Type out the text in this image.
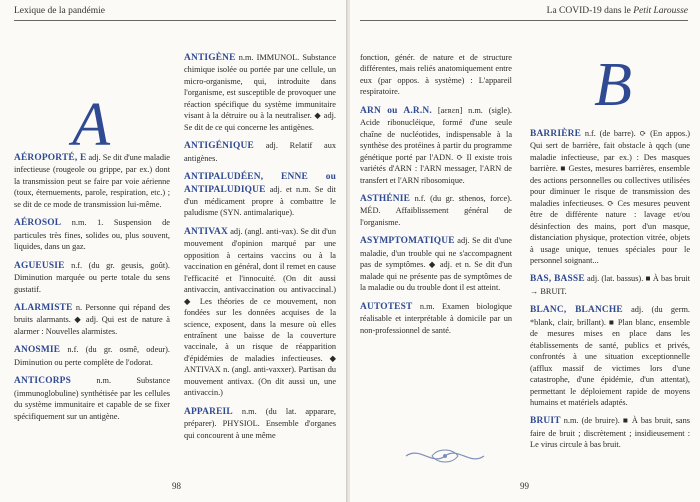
Lexique de la pandémie
A

AÉROPORTÉ, E adj. Se dit d'une maladie infectieuse (rougeole ou grippe, par ex.) dont la transmission peut se faire par voie aérienne (toux, éternuements, parole, respiration, etc.) ; se dit de ce mode de transmission lui-même.

AÉROSOL n.m. 1. Suspension de particules très fines, solides ou, plus souvent, liquides, dans un gaz.

AGUEUSIE n.f. (du gr. geusis, goût). Diminution marquée ou perte totale du sens gustatif.

ALARMISTE n. Personne qui répand des bruits alarmants. ◆ adj. Qui est de nature à alarmer : Nouvelles alarmistes.

ANOSMIE n.f. (du gr. osmê, odeur). Diminution ou perte complète de l'odorat.

ANTICORPS	n.m. Substance (immunoglobuline) synthétisée par les cellules du système immunitaire et capable de se fixer spécifiquement sur un antigène.

ANTIGÈNE n.m. IMMUNOL. Substance chimique isolée ou portée par une cellule, un micro-organisme, qui, introduite dans l'organisme, est susceptible de provoquer une réaction spécifique du système immunitaire visant à la détruire ou à la neutraliser. ◆ adj. Se dit de ce qui concerne les antigènes.

ANTIGÉNIQUE adj. Relatif aux antigènes.

ANTIPALUDÉEN, ENNE ou ANTIPALUDIQUE adj. et n.m. Se dit d'un médicament propre à combattre le paludisme (SYN. antimalarique).

ANTIVAX adj. (angl. anti-vax). Se dit d'un mouvement d'opinion marqué par une opposition à certains vaccins ou à la vaccination en général, dont il remet en cause l'efficacité et l'innocuité. (On dit aussi antivaccin, antivaccination ou antivaccinal.) ◆ Les théories de ce mouvement, non fondées sur les données acquises de la science, exposent, dans la mesure où elles entraînent une baisse de la couverture vaccinale, à un risque de réapparition d'épidémies de maladies infectieuses. ◆ ANTIVAX n. (angl. anti-vaxxer). Partisan du mouvement antivax. (On dit aussi un, une antivaccin.)

APPAREIL n.m. (du lat. apparare, préparer). PHYSIOL. Ensemble d'organes qui concourent à une même

98
La COVID-19 dans le Petit Larousse

fonction, génér. de nature et de structure différentes, mais reliés anatomiquement entre eux (par oppos. à système) : L'appareil respiratoire.

ARN ou A.R.N. [aɛʀɛn] n.m. (sigle). Acide ribonucléique, formé d'une seule chaîne de nucléotides, indispensable à la synthèse des protéines à partir du programme génétique porté par l'ADN. ⟳ Il existe trois variétés d'ARN : l'ARN messager, l'ARN de transfert et l'ARN ribosomique.

ASTHÉNIE n.f. (du gr. sthenos, force). MÉD. Affaiblissement général de l'organisme.

ASYMPTOMATIQUE adj. Se dit d'une maladie, d'un trouble qui ne s'accompagnent pas de symptômes. ◆ adj. et n. Se dit d'un malade qui ne présente pas de symptômes de la maladie ou du trouble dont il est atteint.

AUTOTEST n.m. Examen biologique réalisable et interprétable à domicile par un non-professionnel de santé.

B

BARRIÈRE n.f. (de barre). ⟳ (En appos.) Qui sert de barrière, fait obstacle à qqch (une maladie infectieuse, par ex.) : Des masques barrière. ■ Gestes, mesures barrières, ensemble des actions personnelles ou collectives utilisées pour diminuer le risque de transmission des maladies infectieuses. ⟳ Ces mesures peuvent être de différente nature : lavage et/ou désinfection des mains, port d'un masque, distanciation physique, protection vitrée, objets à usage unique, tenues spéciales pour le personnel soignant...

BAS, BASSE adj. (lat. bassus). ■ À bas bruit → BRUIT.

BLANC, BLANCHE adj. (du germ. *blank, clair, brillant). ■ Plan blanc, ensemble de mesures mises en place dans les établissements de santé, publics et privés, confrontés à une situation exceptionnelle (afflux massif de victimes lors d'une catastrophe, d'une épidémie, d'un attentat), permettant le déploiement rapide de moyens humains et matériels adaptés.

BRUIT n.m. (de bruire). ■ À bas bruit, sans faire de bruit ; discrètement ; insidieusement : Le virus circule à bas bruit.

99
